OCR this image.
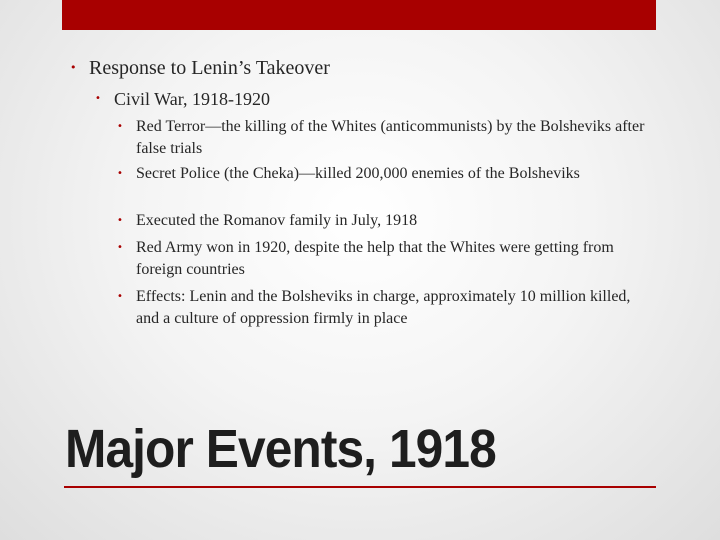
• Response to Lenin’s Takeover
• Civil War, 1918-1920
• Red Terror—the killing of the Whites (anticommunists) by the Bolsheviks after false trials
• Secret Police (the Cheka)—killed 200,000 enemies of the Bolsheviks
• Executed the Romanov family in July, 1918
• Red Army won in 1920, despite the help that the Whites were getting from foreign countries
• Effects: Lenin and the Bolsheviks in charge, approximately 10 million killed, and a culture of oppression firmly in place
Major Events, 1918
